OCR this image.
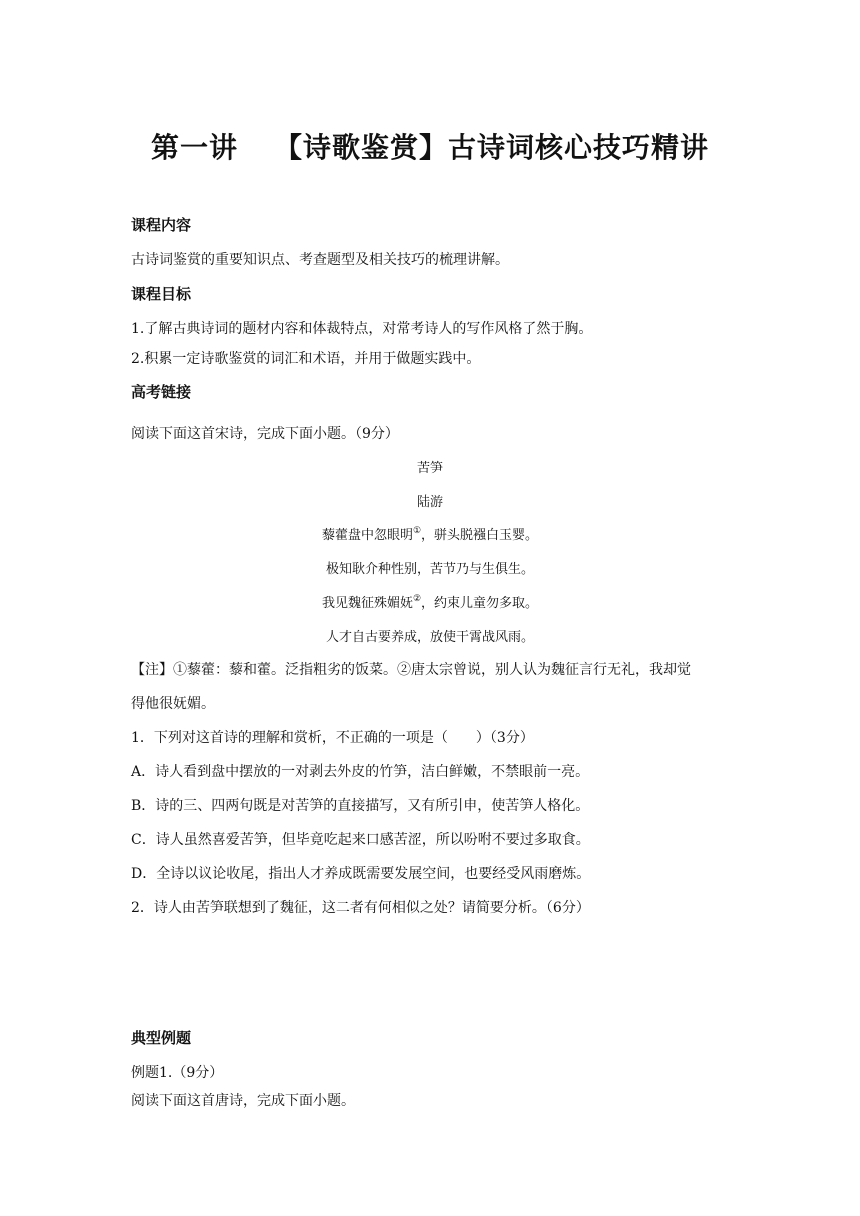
第一讲 【诗歌鉴赏】古诗词核心技巧精讲
课程内容
古诗词鉴赏的重要知识点、考查题型及相关技巧的梳理讲解。
课程目标
1.了解古典诗词的题材内容和体裁特点，对常考诗人的写作风格了然于胸。
2.积累一定诗歌鉴赏的词汇和术语，并用于做题实践中。
高考链接
阅读下面这首宋诗，完成下面小题。（9分）
苦笋
陆游
藜藿盘中忽眼明①，骈头脱襁白玉婴。
极知耿介种性别，苦节乃与生俱生。
我见魏征殊媚妩②，约束儿童勿多取。
人才自古要养成，放使干霄战风雨。
【注】①藜藿：藜和藿。泛指粗劣的饭菜。②唐太宗曾说，别人认为魏征言行无礼，我却觉
得他很妩媚。
1．下列对这首诗的理解和赏析，不正确的一项是（　　）（3分）
A．诗人看到盘中摆放的一对剥去外皮的竹笋，洁白鲜嫩，不禁眼前一亮。
B．诗的三、四两句既是对苦笋的直接描写，又有所引申，使苦笋人格化。
C．诗人虽然喜爱苦笋，但毕竟吃起来口感苦涩，所以吩咐不要过多取食。
D．全诗以议论收尾，指出人才养成既需要发展空间，也要经受风雨磨炼。
2．诗人由苦笋联想到了魏征，这二者有何相似之处？请简要分析。（6分）
典型例题
例题1.（9分）
阅读下面这首唐诗，完成下面小题。
